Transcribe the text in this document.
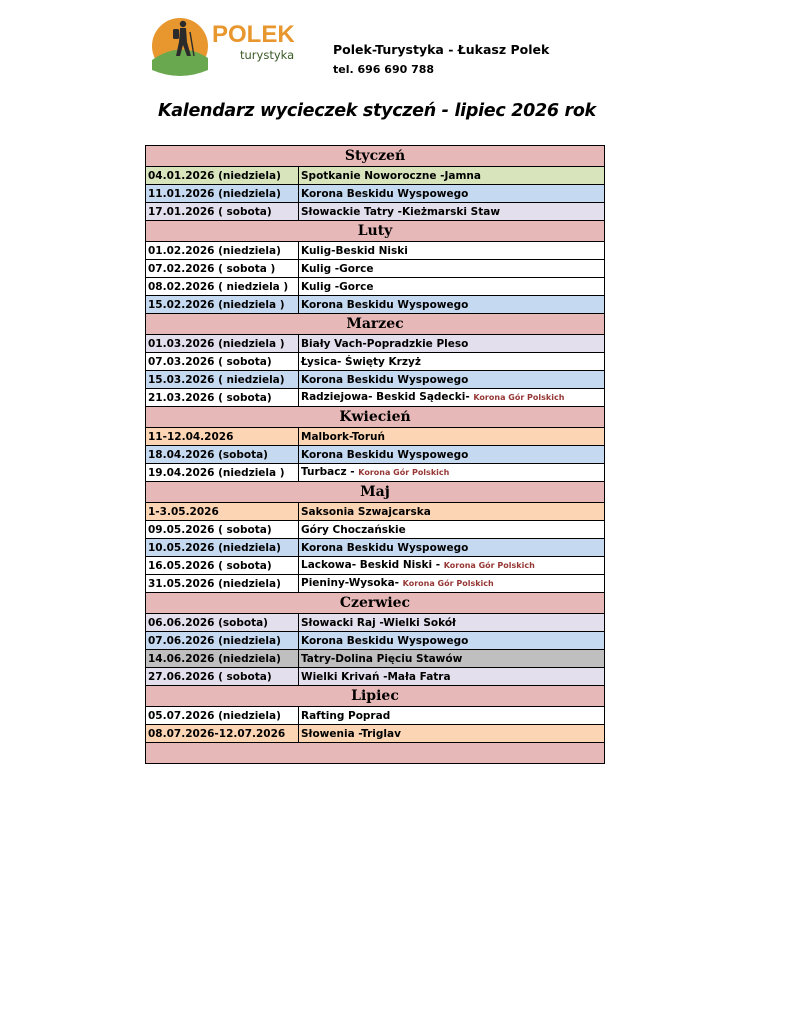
POLEK
turystyka	Polek-Turystyka - Łukasz Polek
tel. 696 690 788
Kalendarz wycieczek styczeń - lipiec 2026 rok
Styczeń	
04.01.2026 (niedziela)	Spotkanie Noworoczne -Jamna
11.01.2026 (niedziela)	Korona Beskidu Wyspowego
17.01.2026 ( sobota)	Słowackie Tatry -Kieżmarski Staw
Luty	
01.02.2026 (niedziela)	Kulig-Beskid Niski
07.02.2026 ( sobota )	Kulig -Gorce
08.02.2026 ( niedziela )	Kulig -Gorce
15.02.2026 (niedziela )	Korona Beskidu Wyspowego
Marzec	
01.03.2026 (niedziela )	Biały Vach-Popradzkie Pleso
07.03.2026 ( sobota)	Łysica- Święty Krzyż
15.03.2026 ( niedziela)	Korona Beskidu Wyspowego
21.03.2026 ( sobota)	Radziejowa- Beskid Sądecki- Korona Gór Polskich
Kwiecień	
11-12.04.2026	Malbork-Toruń
18.04.2026 (sobota)	Korona Beskidu Wyspowego
19.04.2026 (niedziela )	Turbacz - Korona Gór Polskich
Maj	
1-3.05.2026	Saksonia Szwajcarska
09.05.2026 ( sobota)	Góry Choczańskie
10.05.2026 (niedziela)	Korona Beskidu Wyspowego
16.05.2026 ( sobota)	Lackowa- Beskid Niski - Korona Gór Polskich
31.05.2026 (niedziela)	Pieniny-Wysoka- Korona Gór Polskich
Czerwiec	
06.06.2026 (sobota)	Słowacki Raj -Wielki Sokół
07.06.2026 (niedziela)	Korona Beskidu Wyspowego
14.06.2026 (niedziela)	Tatry-Dolina Pięciu Stawów
27.06.2026 ( sobota)	Wielki Krivań -Mała Fatra
Lipiec	
05.07.2026 (niedziela)	Rafting Poprad
08.07.2026-12.07.2026	Słowenia -Triglav
